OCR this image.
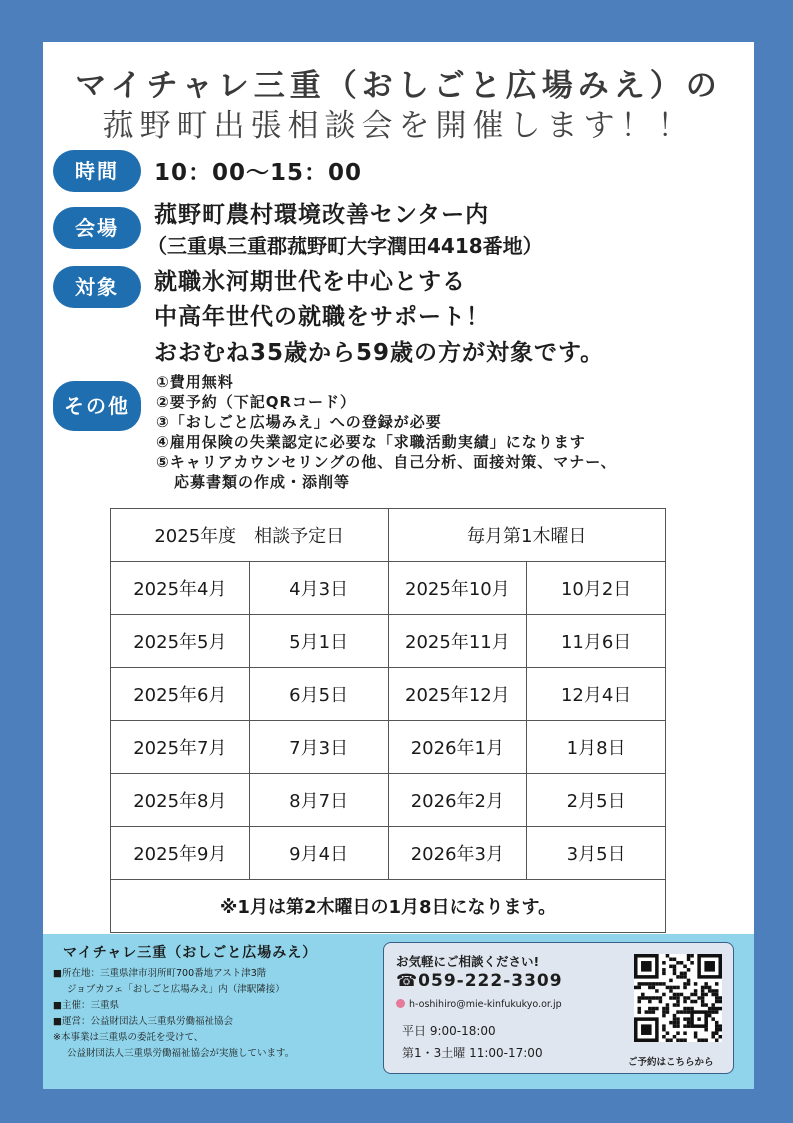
マイチャレ三重（おしごと広場みえ）の
菰野町出張相談会を開催します！！
時間	10：00〜15：00
会場	菰野町農村環境改善センター内
（三重県三重郡菰野町大字潤田4418番地）
対象	就職氷河期世代を中心とする
中高年世代の就職をサポート！
おおむね35歳から59歳の方が対象です。
その他
①費用無料
②要予約（下記QRコード）
③「おしごと広場みえ」への登録が必要
④雇用保険の失業認定に必要な「求職活動実績」になります
⑤キャリアカウンセリングの他、自己分析、面接対策、マナー、
応募書類の作成・添削等
2025年度　相談予定日		毎月第1木曜日	
2025年4月	4月3日	2025年10月	10月2日
2025年5月	5月1日	2025年11月	11月6日
2025年6月	6月5日	2025年12月	12月4日
2025年7月	7月3日	2026年1月	1月8日
2025年8月	8月7日	2026年2月	2月5日
2025年9月	9月4日	2026年3月	3月5日
※1月は第2木曜日の1月8日になります。			
マイチャレ三重（おしごと広場みえ）
■所在地：三重県津市羽所町700番地アスト津3階
ジョブカフェ「おしごと広場みえ」内（津駅隣接）
■主催：三重県
■運営：公益財団法人三重県労働福祉協会
※本事業は三重県の委託を受けて、
公益財団法人三重県労働福祉協会が実施しています。
お気軽にご相談ください!
☎059-222-3309
h-oshihiro@mie-kinfukukyo.or.jp
平日 9:00-18:00
第1・3土曜 11:00-17:00
ご予約はこちらから
